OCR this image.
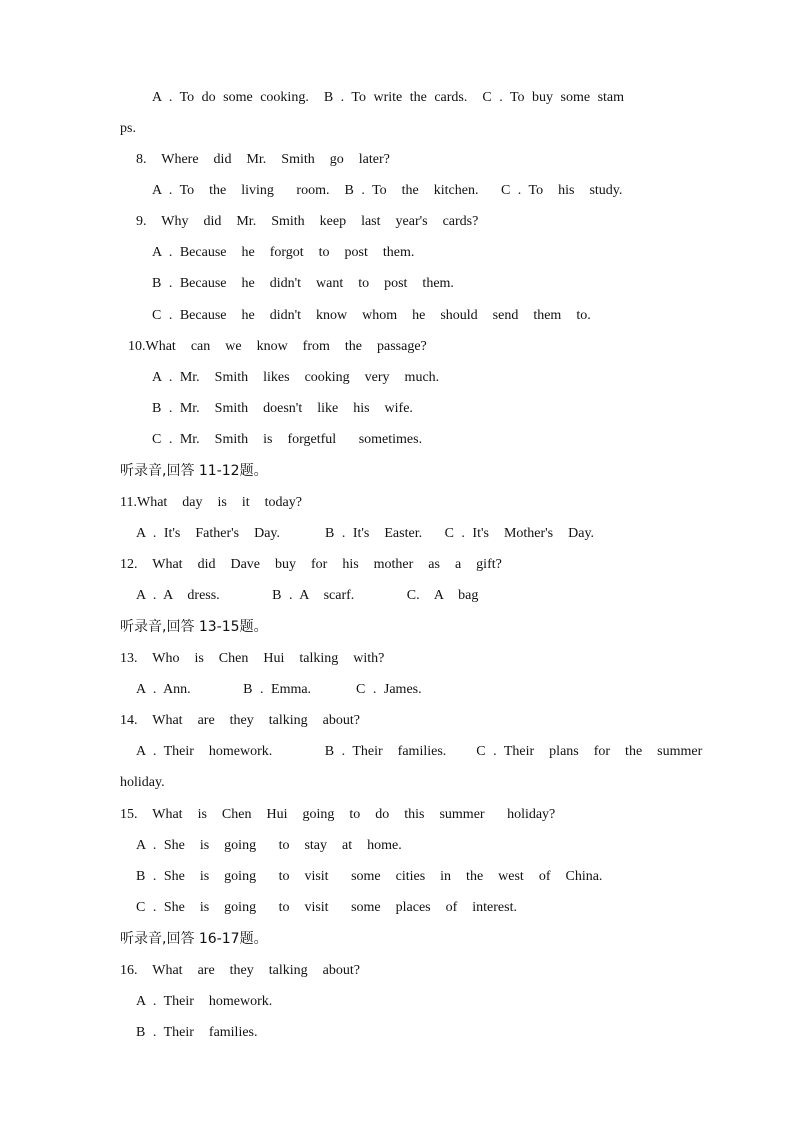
A . To do some cooking.  B . To write the cards.  C . To buy some stam
ps.
8.  Where  did  Mr.  Smith  go  later?
A . To  the  living   room.  B . To  the  kitchen.   C . To  his  study.
9.  Why  did  Mr.  Smith  keep  last  year's  cards?
A . Because  he  forgot  to  post  them.
B . Because  he  didn't  want  to  post  them.
C . Because  he  didn't  know  whom  he  should  send  them  to.
10.What  can  we  know  from  the  passage?
A . Mr.  Smith  likes  cooking  very  much.
B . Mr.  Smith  doesn't  like  his  wife.
C . Mr.  Smith  is  forgetful   sometimes.
听录音,回答 11-12题。
11.What  day  is  it  today?
A . It's  Father's  Day.      B . It's  Easter.   C . It's  Mother's  Day.
12.  What  did  Dave  buy  for  his  mother  as  a  gift?
A . A  dress.       B . A  scarf.       C.  A  bag
听录音,回答 13-15题。
13.  Who  is  Chen  Hui  talking  with?
A . Ann.       B . Emma.      C . James.
14.  What  are  they  talking  about?
A . Their  homework.       B . Their  families.    C . Their  plans  for  the  summer
holiday.
15.  What  is  Chen  Hui  going  to  do  this  summer   holiday?
A . She  is  going   to  stay  at  home.
B . She  is  going   to  visit   some  cities  in  the  west  of  China.
C . She  is  going   to  visit   some  places  of  interest.
听录音,回答 16-17题。
16.  What  are  they  talking  about?
A . Their  homework.
B . Their  families.
